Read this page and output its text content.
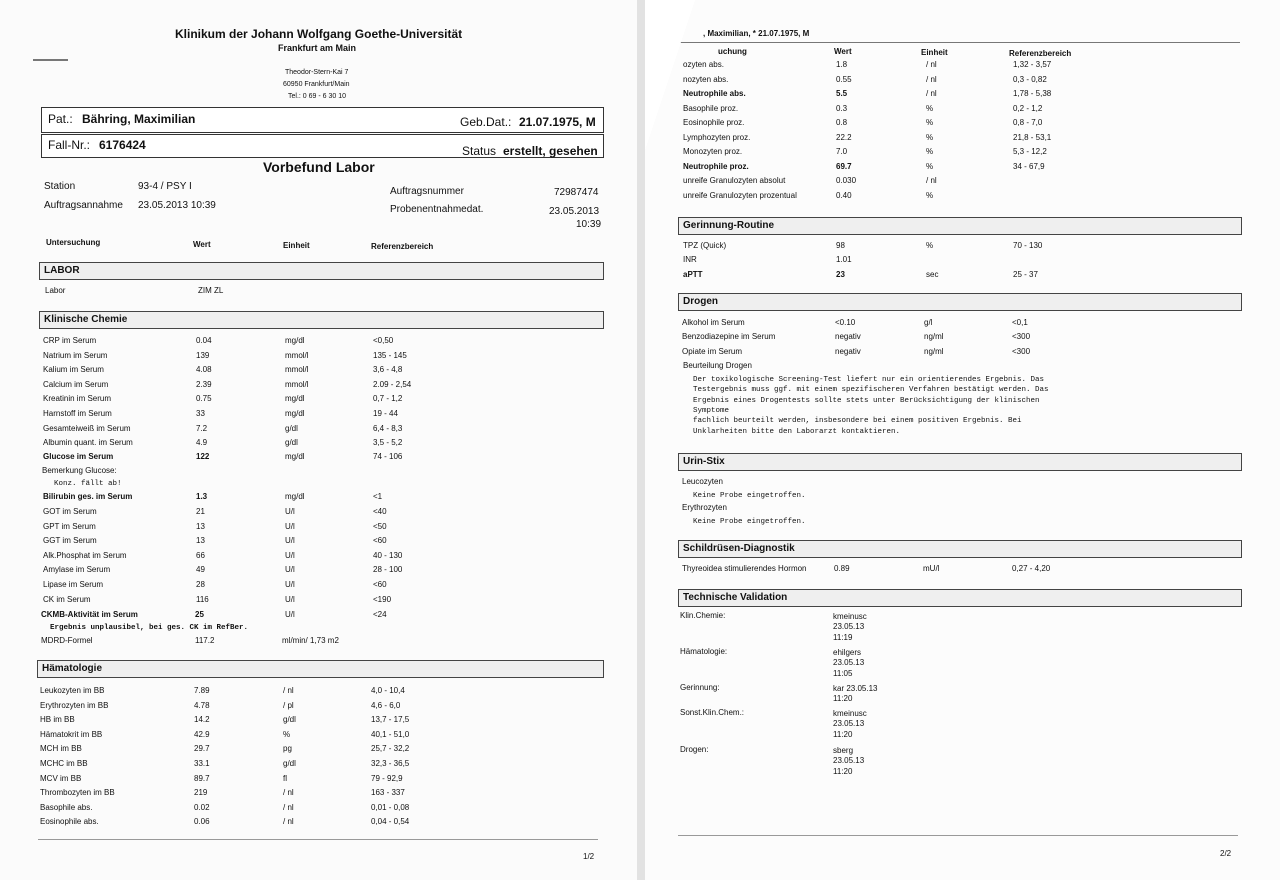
Klinikum der Johann Wolfgang Goethe-Universität
Frankfurt am Main
Theodor-Stern-Kai 7
60950 Frankfurt/Main
Tel.: 0 69 - 6 30 10
Pat.: Bähring, Maximilian	Geb.Dat.: 21.07.1975, M
Fall-Nr.: 6176424	Status erstellt, gesehen
Vorbefund Labor
Station	93-4 / PSY I
Auftragsannahme 23.05.2013 10:39
Auftragsnummer	72987474
Probenentnahmedat.	23.05.2013
10:39
Untersuchung	Wert	Einheit	Referenzbereich
LABOR
Labor	ZIM ZL
Klinische Chemie
CRP im Serum	0.04	mg/dl	<0,50
Natrium im Serum	139	mmol/l	135 - 145
Kalium im Serum	4.08	mmol/l	3,6 - 4,8
Calcium im Serum	2.39	mmol/l	2.09 - 2,54
Kreatinin im Serum	0.75	mg/dl	0,7 - 1,2
Harnstoff im Serum	33	mg/dl	19 - 44
Gesamteiweiß im Serum	7.2	g/dl	6,4 - 8,3
Albumin quant. im Serum	4.9	g/dl	3,5 - 5,2
Glucose im Serum	122	mg/dl	74 - 106
Bemerkung Glucose:
Konz. fällt ab!
Bilirubin ges. im Serum	1.3	mg/dl	<1
GOT im Serum	21	U/l	<40
GPT im Serum	13	U/l	<50
GGT im Serum	13	U/l	<60
Alk.Phosphat im Serum	66	U/l	40 - 130
Amylase im Serum	49	U/l	28 - 100
Lipase im Serum	28	U/l	<60
CK im Serum	116	U/l	<190
CKMB-Aktivität im Serum	25	U/l	<24
Ergebnis unplausibel, bei ges. CK im RefBer.
MDRD-Formel	117.2	ml/min/ 1,73 m2
Hämatologie
Leukozyten im BB	7.89	/ nl	4,0 - 10,4
Erythrozyten im BB	4.78	/ pl	4,6 - 6,0
HB im BB	14.2	g/dl	13,7 - 17,5
Hämatokrit im BB	42.9	%	40,1 - 51,0
MCH im BB	29.7	pg	25,7 - 32,2
MCHC im BB	33.1	g/dl	32,3 - 36,5
MCV im BB	89.7	fl	79 - 92,9
Thrombozyten im BB	219	/ nl	163 - 337
Basophile abs.	0.02	/ nl	0,01 - 0,08
Eosinophile abs.	0.06	/ nl	0,04 - 0,54
1/2
, Maximilian, * 21.07.1975, M
uchung	Wert	Einheit	Referenzbereich
ozyten abs.	1.8	/ nl	1,32 - 3,57
nozyten abs.	0.55	/ nl	0,3 - 0,82
Neutrophile abs.	5.5	/ nl	1,78 - 5,38
Basophile proz.	0.3	%	0,2 - 1,2
Eosinophile proz.	0.8	%	0,8 - 7,0
Lymphozyten proz.	22.2	%	21,8 - 53,1
Monozyten proz.	7.0	%	5,3 - 12,2
Neutrophile proz.	69.7	%	34 - 67,9
unreife Granulozyten absolut	0.030	/ nl
unreife Granulozyten prozentual	0.40	%
Gerinnung-Routine
TPZ (Quick)	98	%	70 - 130
INR	1.01
aPTT	23	sec	25 - 37
Drogen
Alkohol im Serum	<0.10	g/l	<0,1
Benzodiazepine im Serum	negativ	ng/ml	<300
Opiate im Serum	negativ	ng/ml	<300
Beurteilung Drogen
Der toxikologische Screening-Test liefert nur ein orientierendes Ergebnis. Das
Testergebnis muss ggf. mit einem spezifischeren Verfahren bestätigt werden. Das
Ergebnis eines Drogentests sollte stets unter Berücksichtigung der klinischen
Symptome
fachlich beurteilt werden, insbesondere bei einem positiven Ergebnis. Bei
Unklarheiten bitte den Laborarzt kontaktieren.
Urin-Stix
Leucozyten
Keine Probe eingetroffen.
Erythrozyten
Keine Probe eingetroffen.
Schildrüsen-Diagnostik
Thyreoidea stimulierendes Hormon	0.89	mU/l	0,27 - 4,20
Technische Validation
Klin.Chemie:	kmeinusc
23.05.13
11:19
Hämatologie:	ehilgers
23.05.13
11:05
Gerinnung:	kar 23.05.13
11:20
Sonst.Klin.Chem.:	kmeinusc
23.05.13
11:20
Drogen:	sberg
23.05.13
11:20
2/2
